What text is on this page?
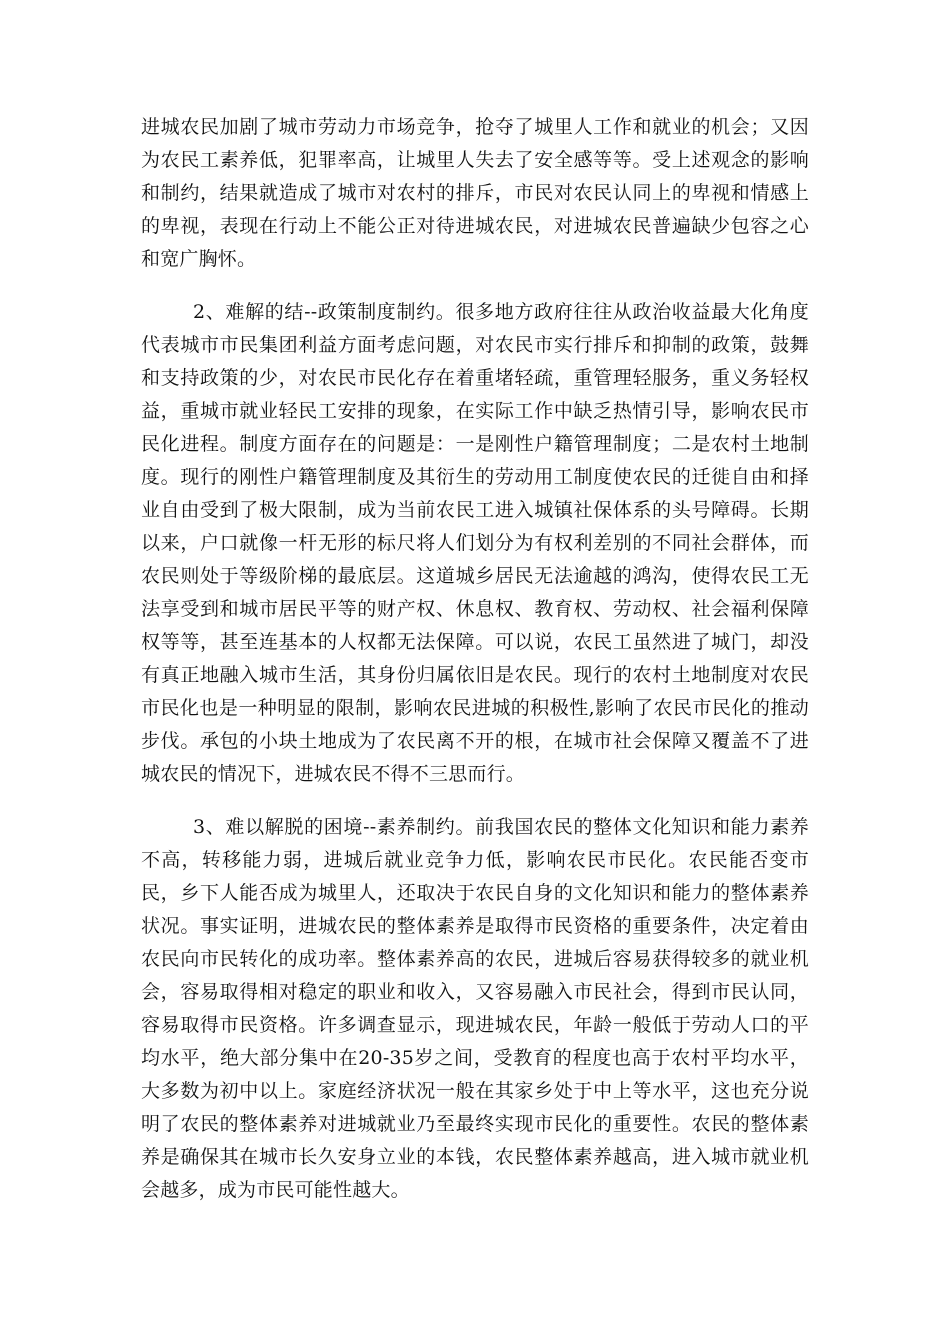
进城农民加剧了城市劳动力市场竞争，抢夺了城里人工作和就业的机会；又因为农民工素养低，犯罪率高，让城里人失去了安全感等等。受上述观念的影响和制约，结果就造成了城市对农村的排斥，市民对农民认同上的卑视和情感上的卑视，表现在行动上不能公正对待进城农民，对进城农民普遍缺少包容之心和宽广胸怀。

2、难解的结--政策制度制约。很多地方政府往往从政治收益最大化角度代表城市市民集团利益方面考虑问题，对农民市实行排斥和抑制的政策，鼓舞和支持政策的少，对农民市民化存在着重堵轻疏，重管理轻服务，重义务轻权益，重城市就业轻民工安排的现象，在实际工作中缺乏热情引导，影响农民市民化进程。制度方面存在的问题是：一是刚性户籍管理制度；二是农村土地制度。现行的刚性户籍管理制度及其衍生的劳动用工制度使农民的迁徙自由和择业自由受到了极大限制，成为当前农民工进入城镇社保体系的头号障碍。长期以来，户口就像一杆无形的标尺将人们划分为有权利差别的不同社会群体，而农民则处于等级阶梯的最底层。这道城乡居民无法逾越的鸿沟，使得农民工无法享受到和城市居民平等的财产权、休息权、教育权、劳动权、社会福利保障权等等，甚至连基本的人权都无法保障。可以说，农民工虽然进了城门，却没有真正地融入城市生活，其身份归属依旧是农民。现行的农村土地制度对农民市民化也是一种明显的限制，影响农民进城的积极性,影响了农民市民化的推动步伐。承包的小块土地成为了农民离不开的根，在城市社会保障又覆盖不了进城农民的情况下，进城农民不得不三思而行。

3、难以解脱的困境--素养制约。前我国农民的整体文化知识和能力素养不高，转移能力弱，进城后就业竞争力低，影响农民市民化。农民能否变市民，乡下人能否成为城里人，还取决于农民自身的文化知识和能力的整体素养状况。事实证明，进城农民的整体素养是取得市民资格的重要条件，决定着由农民向市民转化的成功率。整体素养高的农民，进城后容易获得较多的就业机会，容易取得相对稳定的职业和收入，又容易融入市民社会，得到市民认同，容易取得市民资格。许多调查显示，现进城农民，年龄一般低于劳动人口的平均水平，绝大部分集中在20-35岁之间，受教育的程度也高于农村平均水平，大多数为初中以上。家庭经济状况一般在其家乡处于中上等水平，这也充分说明了农民的整体素养对进城就业乃至最终实现市民化的重要性。农民的整体素养是确保其在城市长久安身立业的本钱，农民整体素养越高，进入城市就业机会越多，成为市民可能性越大。
